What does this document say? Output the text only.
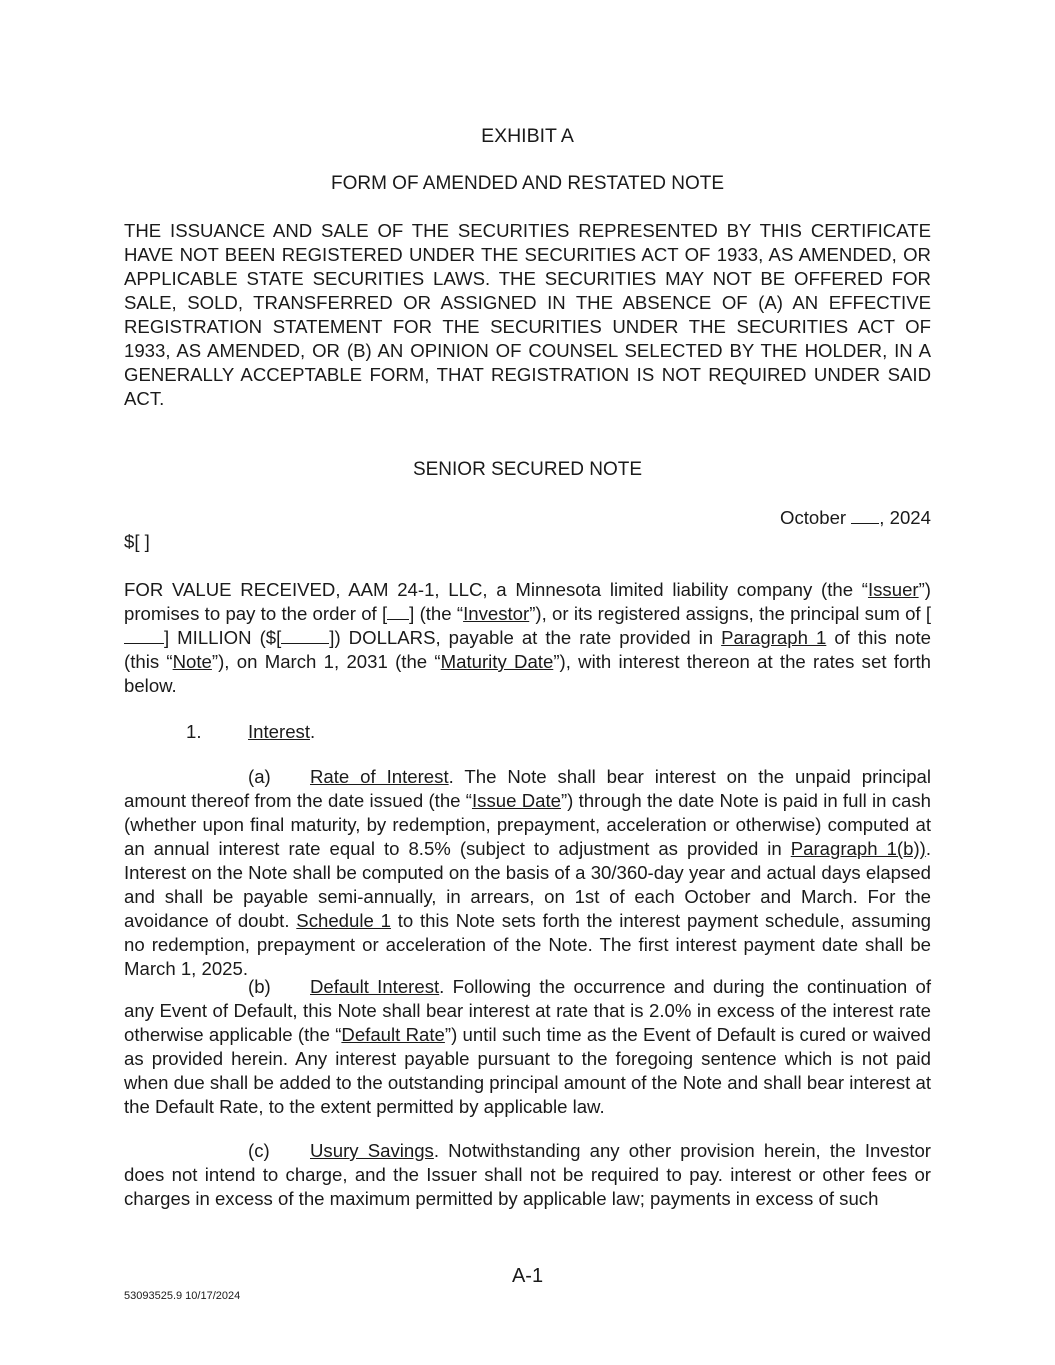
EXHIBIT A
FORM OF AMENDED AND RESTATED NOTE
THE ISSUANCE AND SALE OF THE SECURITIES REPRESENTED BY THIS CERTIFICATE HAVE NOT BEEN REGISTERED UNDER THE SECURITIES ACT OF 1933, AS AMENDED, OR APPLICABLE STATE SECURITIES LAWS. THE SECURITIES MAY NOT BE OFFERED FOR SALE, SOLD, TRANSFERRED OR ASSIGNED IN THE ABSENCE OF (A) AN EFFECTIVE REGISTRATION STATEMENT FOR THE SECURITIES UNDER THE SECURITIES ACT OF 1933, AS AMENDED, OR (B) AN OPINION OF COUNSEL SELECTED BY THE HOLDER, IN A GENERALLY ACCEPTABLE FORM, THAT REGISTRATION IS NOT REQUIRED UNDER SAID ACT.
SENIOR SECURED NOTE
October , 2024
$[ ]
FOR VALUE RECEIVED, AAM 24-1, LLC, a Minnesota limited liability company (the “Issuer”) promises to pay to the order of [ ] (the “Investor”), or its registered assigns, the principal sum of [] MILLION ($[	]) DOLLARS, payable at the rate provided in Paragraph 1 of this note (this “Note”), on March 1, 2031 (the “Maturity Date”), with interest thereon at the rates set forth below.
1. Interest.
(a) Rate of Interest. The Note shall bear interest on the unpaid principal amount thereof from the date issued (the “Issue Date”) through the date Note is paid in full in cash (whether upon final maturity, by redemption, prepayment, acceleration or otherwise) computed at an annual interest rate equal to 8.5% (subject to adjustment as provided in Paragraph 1(b)). Interest on the Note shall be computed on the basis of a 30/360-day year and actual days elapsed and shall be payable semi-annually, in arrears, on 1st of each October and March. For the avoidance of doubt. Schedule 1 to this Note sets forth the interest payment schedule, assuming no redemption, prepayment or acceleration of the Note. The first interest payment date shall be March 1, 2025.
(b) Default Interest. Following the occurrence and during the continuation of any Event of Default, this Note shall bear interest at rate that is 2.0% in excess of the interest rate otherwise applicable (the “Default Rate”) until such time as the Event of Default is cured or waived as provided herein. Any interest payable pursuant to the foregoing sentence which is not paid when due shall be added to the outstanding principal amount of the Note and shall bear interest at the Default Rate, to the extent permitted by applicable law.
(c) Usury Savings. Notwithstanding any other provision herein, the Investor does not intend to charge, and the Issuer shall not be required to pay. interest or other fees or charges in excess of the maximum permitted by applicable law; payments in excess of such
A-1
53093525.9 10/17/2024
